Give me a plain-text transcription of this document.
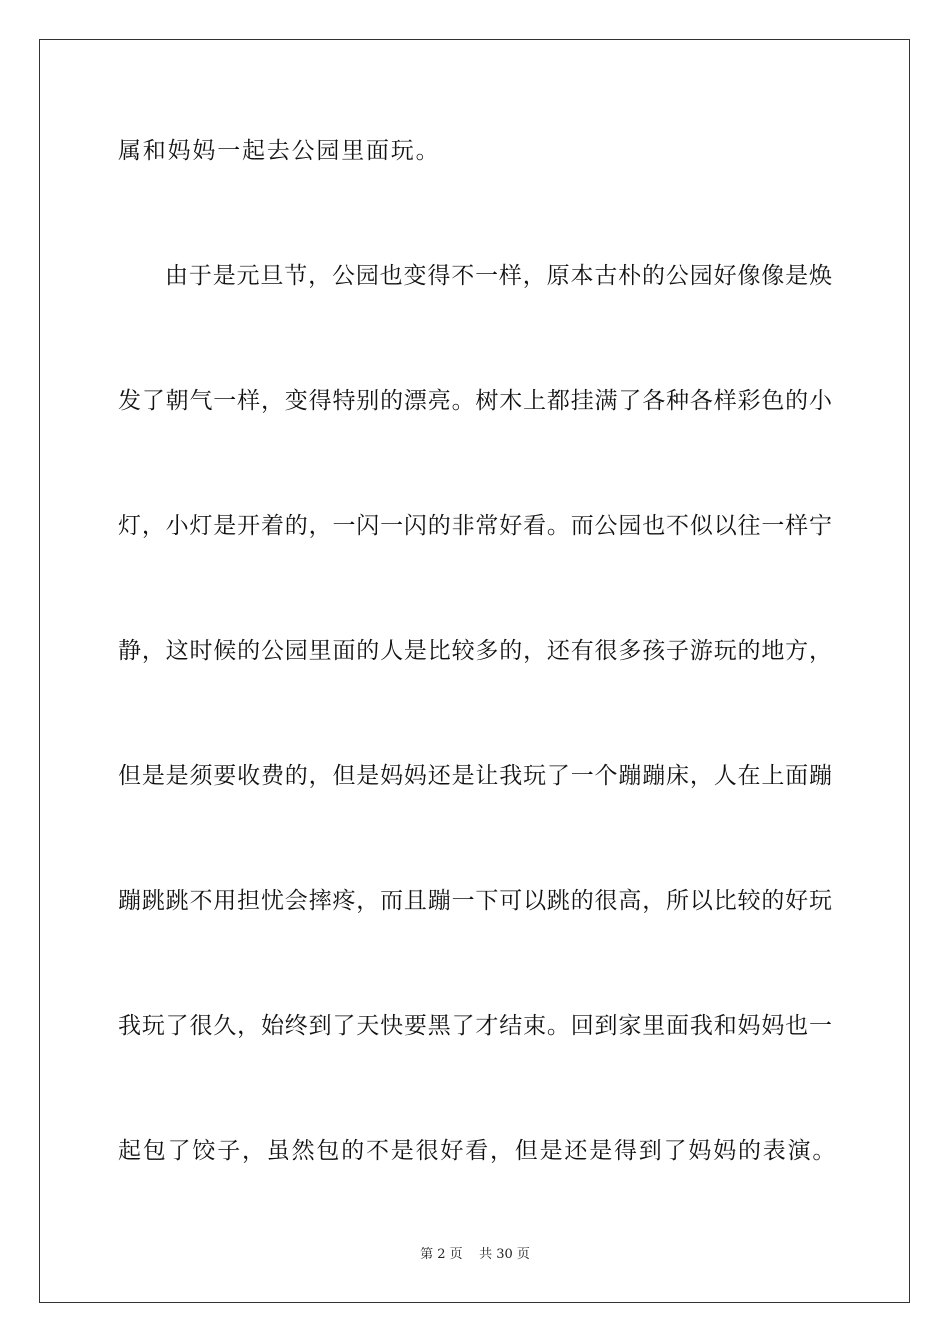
属和妈妈一起去公园里面玩。
由于是元旦节，公园也变得不一样，原本古朴的公园好像像是焕
发了朝气一样，变得特别的漂亮。树木上都挂满了各种各样彩色的小
灯，小灯是开着的，一闪一闪的非常好看。而公园也不似以往一样宁
静，这时候的公园里面的人是比较多的，还有很多孩子游玩的地方，
但是是须要收费的，但是妈妈还是让我玩了一个蹦蹦床，人在上面蹦
蹦跳跳不用担忧会摔疼，而且蹦一下可以跳的很高，所以比较的好玩
我玩了很久，始终到了天快要黑了才结束。回到家里面我和妈妈也一
起包了饺子，虽然包的不是很好看，但是还是得到了妈妈的表演。
第 2 页    共 30 页
